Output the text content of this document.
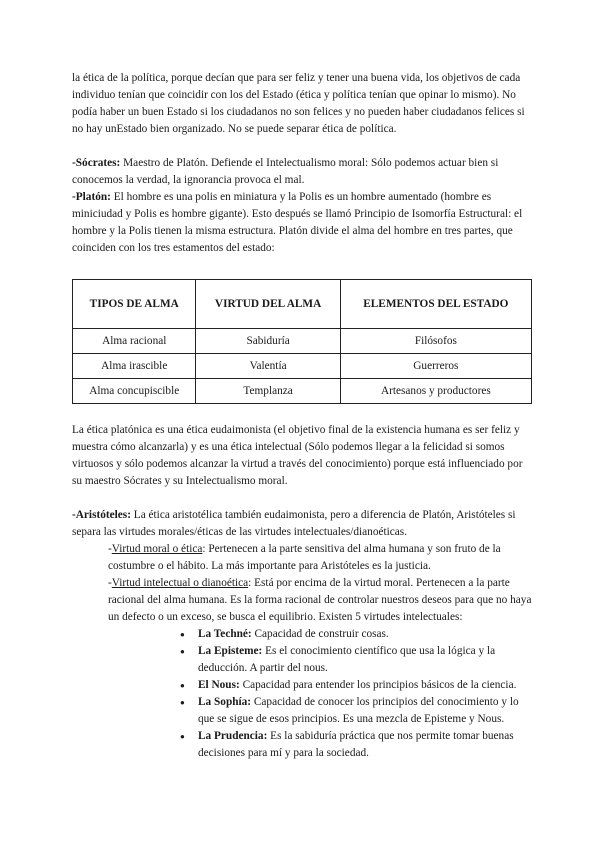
la ética de la política, porque decían que para ser feliz y tener una buena vida, los objetivos de cada individuo tenían que coincidir con los del Estado (ética y política tenían que opinar lo mismo). No podía haber un buen Estado si los ciudadanos no son felices y no pueden haber ciudadanos felices si no hay unEstado bien organizado. No se puede separar ética de política.

-Sócrates: Maestro de Platón. Defiende el Intelectualismo moral: Sólo podemos actuar bien si conocemos la verdad, la ignorancia provoca el mal.

-Platón: El hombre es una polis en miniatura y la Polis es un hombre aumentado (hombre es miniciudad y Polis es hombre gigante). Esto después se llamó Principio de Isomorfía Estructural: el hombre y la Polis tienen la misma estructura. Platón divide el alma del hombre en tres partes, que coinciden con los tres estamentos del estado:

TIPOS DE ALMA	VIRTUD DEL ALMA	ELEMENTOS DEL ESTADO
Alma racional	Sabiduría	Filósofos
Alma irascible	Valentía	Guerreros
Alma concupiscible	Templanza	Artesanos y productores

La ética platónica es una ética eudaimonista (el objetivo final de la existencia humana es ser feliz y muestra cómo alcanzarla) y es una ética intelectual (Sólo podemos llegar a la felicidad si somos virtuosos y sólo podemos alcanzar la virtud a través del conocimiento) porque está influenciado por su maestro Sócrates y su Intelectualismo moral.

-Aristóteles: La ética aristotélica también eudaimonista, pero a diferencia de Platón, Aristóteles si separa las virtudes morales/éticas de las virtudes intelectuales/dianoéticas.

-Virtud moral o ética: Pertenecen a la parte sensitiva del alma humana y son fruto de la costumbre o el hábito. La más importante para Aristóteles es la justicia.

-Virtud intelectual o dianoética: Está por encima de la virtud moral. Pertenecen a la parte racional del alma humana. Es la forma racional de controlar nuestros deseos para que no haya un defecto o un exceso, se busca el equilibrio. Existen 5 virtudes intelectuales:

● La Techné: Capacidad de construir cosas.
● La Episteme: Es el conocimiento científico que usa la lógica y la deducción. A partir del nous.
● El Nous: Capacidad para entender los principios básicos de la ciencia.
● La Sophía: Capacidad de conocer los principios del conocimiento y lo que se sigue de esos principios. Es una mezcla de Episteme y Nous.
● La Prudencia: Es la sabiduría práctica que nos permite tomar buenas decisiones para mí y para la sociedad.
